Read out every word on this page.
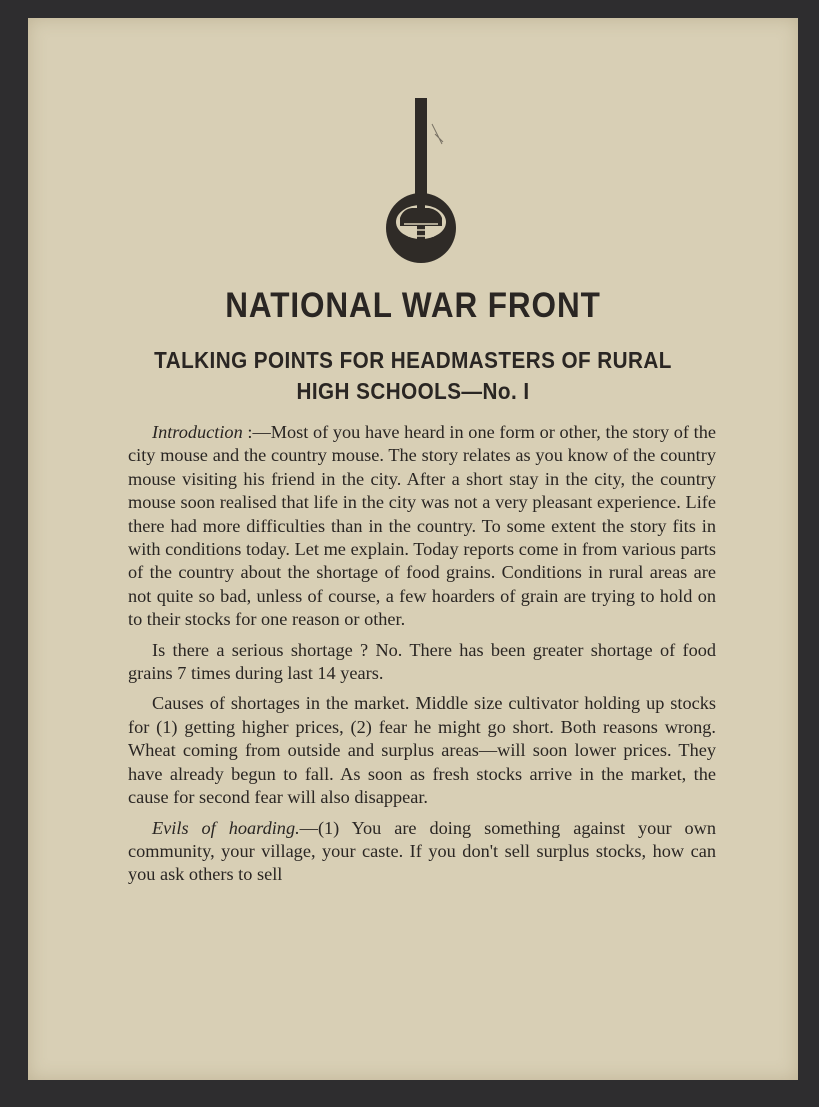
NATIONAL WAR FRONT
TALKING POINTS FOR HEADMASTERS OF RURAL
HIGH SCHOOLS—No. I

Introduction :—Most of you have heard in one form or other, the story of the city mouse and the country mouse. The story relates as you know of the country mouse visiting his friend in the city. After a short stay in the city, the country mouse soon realised that life in the city was not a very pleasant experience. Life there had more difficulties than in the country. To some extent the story fits in with conditions today. Let me explain. Today reports come in from various parts of the country about the shortage of food grains. Conditions in rural areas are not quite so bad, unless of course, a few hoarders of grain are trying to hold on to their stocks for one reason or other.

Is there a serious shortage ? No. There has been greater shortage of food grains 7 times during last 14 years.

Causes of shortages in the market. Middle size cultivator holding up stocks for (1) getting higher prices, (2) fear he might go short. Both reasons wrong. Wheat coming from outside and surplus areas—will soon lower prices. They have already begun to fall. As soon as fresh stocks arrive in the market, the cause for second fear will also disappear.

Evils of hoarding.—(1) You are doing something against your own community, your village, your caste. If you don't sell surplus stocks, how can you ask others to sell
